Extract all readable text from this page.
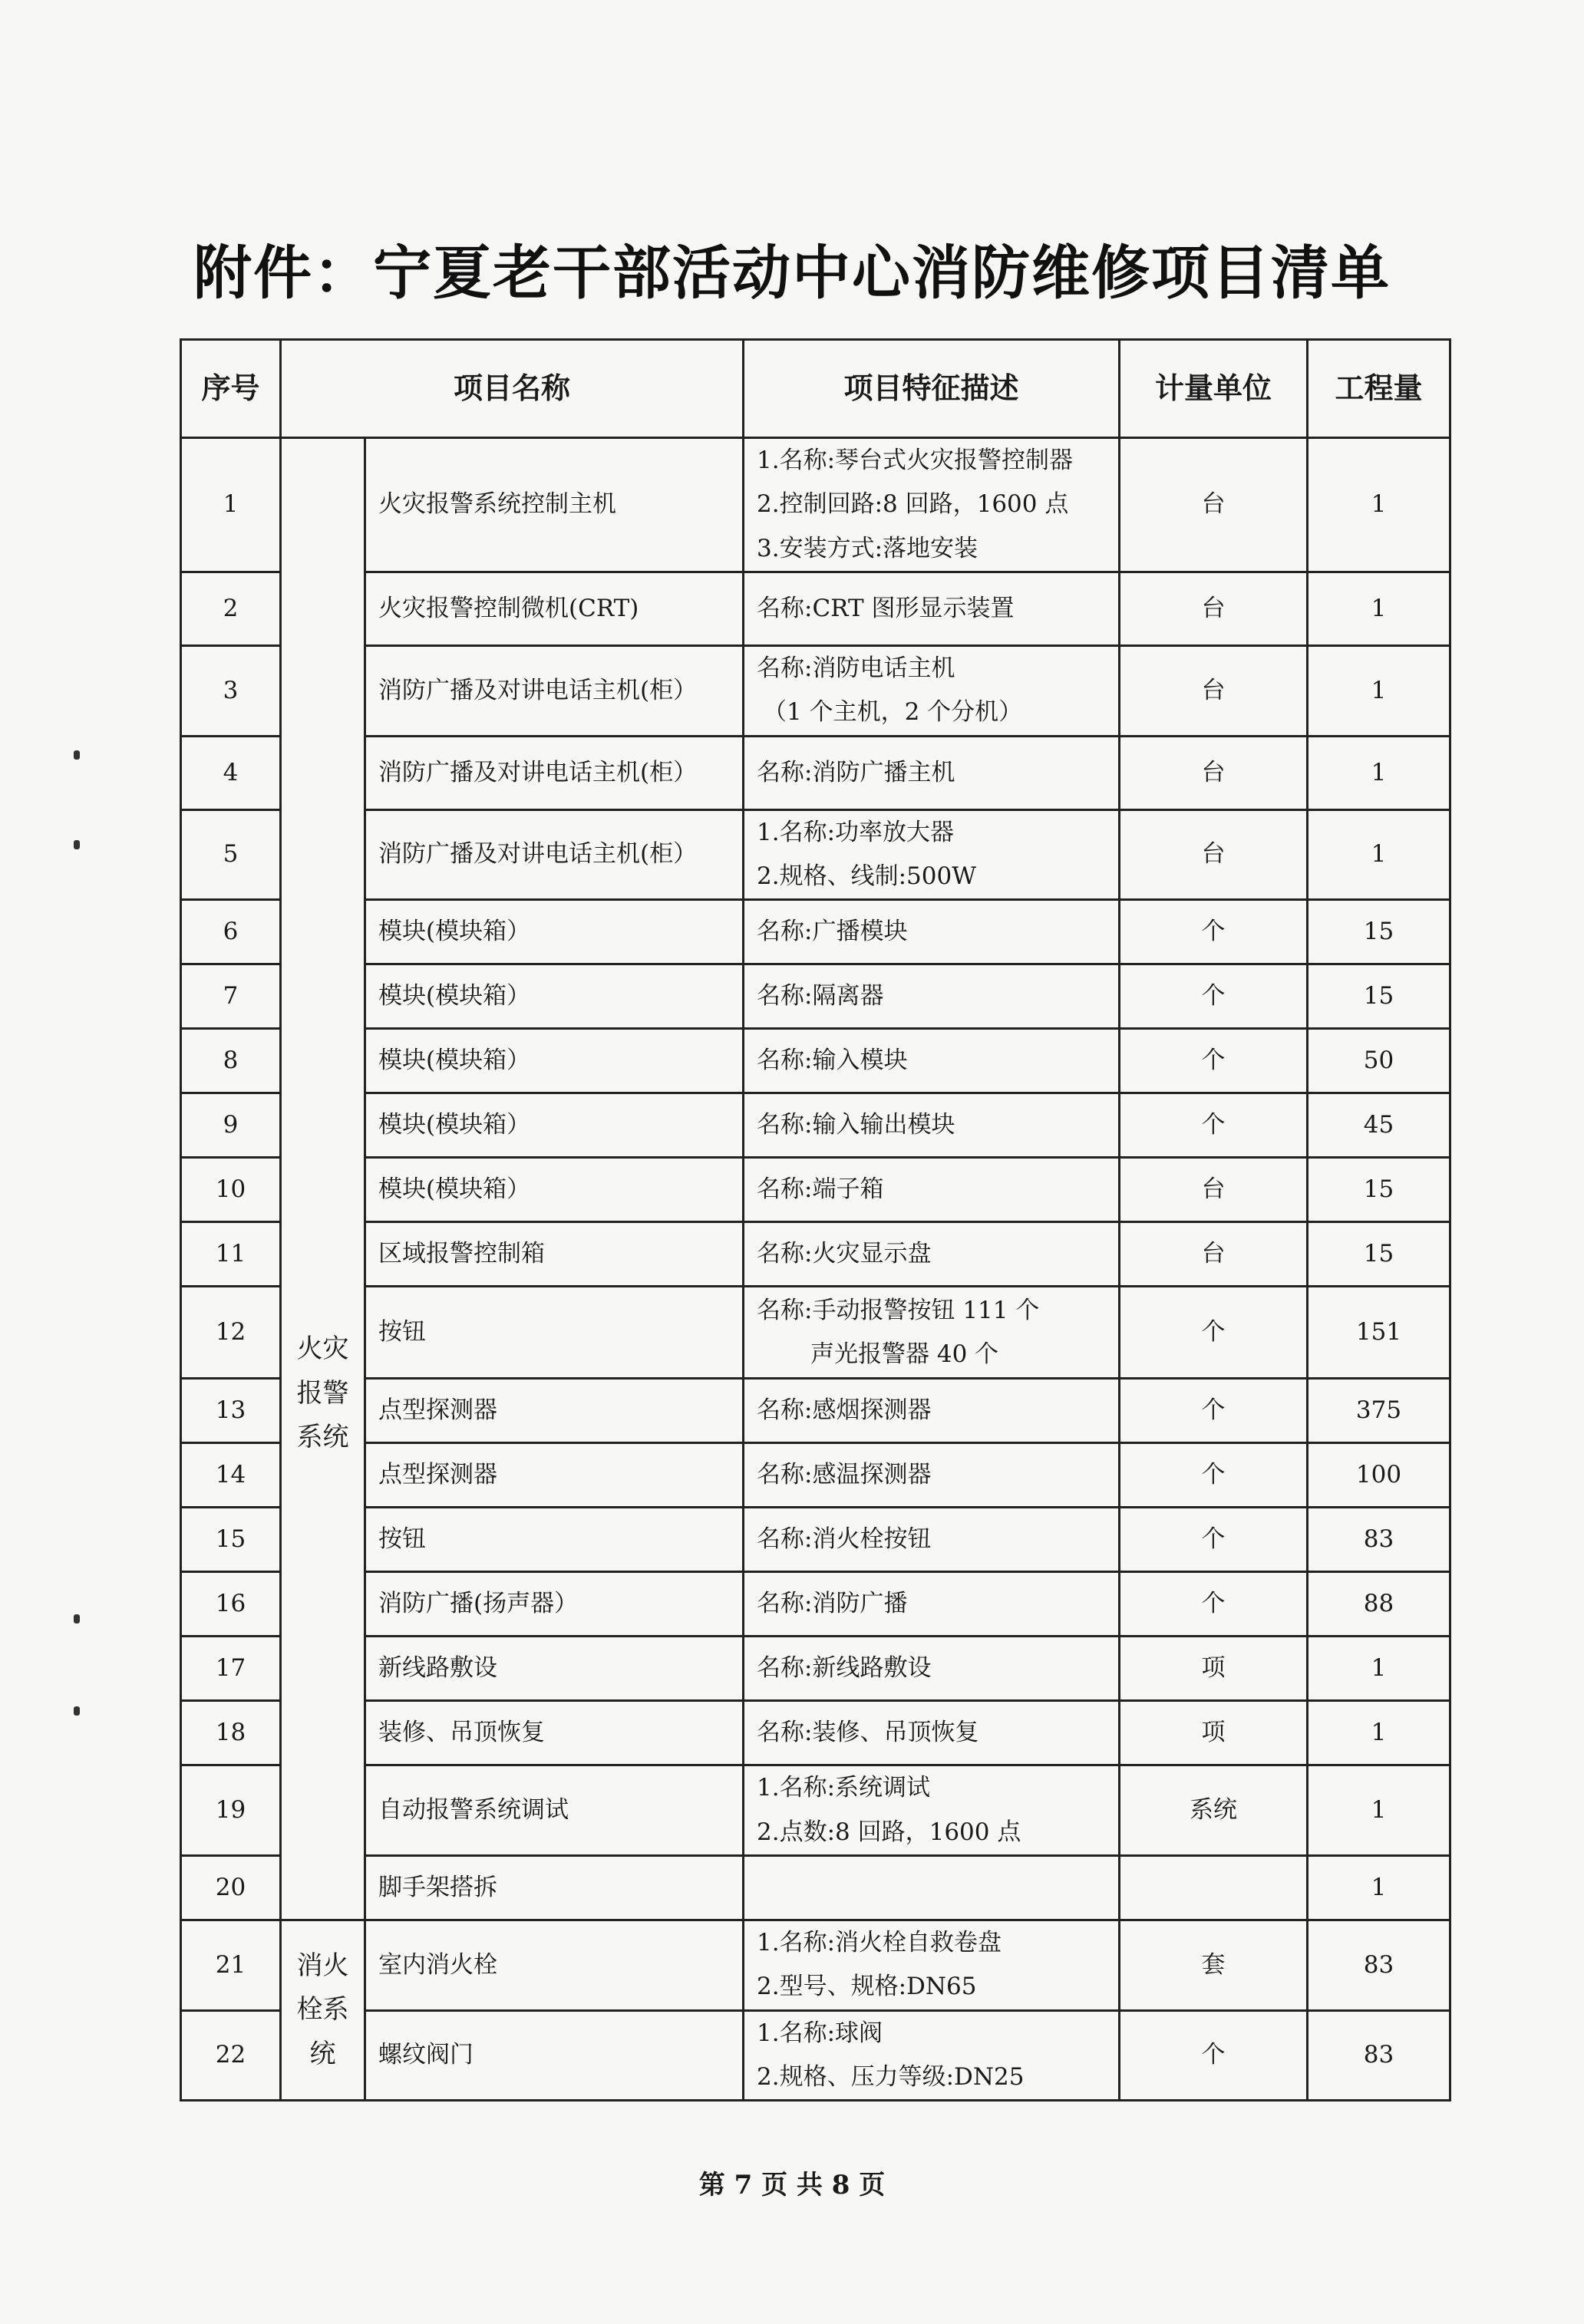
附件：宁夏老干部活动中心消防维修项目清单
序号	项目名称		项目特征描述	计量单位	工程量
1	火灾报警系统	火灾报警系统控制主机	1.名称:琴台式火灾报警控制器
2.控制回路:8 回路，1600 点
3.安装方式:落地安装	台	1
2		火灾报警控制微机(CRT)	名称:CRT 图形显示装置	台	1
3		消防广播及对讲电话主机(柜）	名称:消防电话主机
（1 个主机，2 个分机）	台	1
4		消防广播及对讲电话主机(柜）	名称:消防广播主机	台	1
5		消防广播及对讲电话主机(柜）	1.名称:功率放大器
2.规格、线制:500W	台	1
6		模块(模块箱）	名称:广播模块	个	15
7		模块(模块箱）	名称:隔离器	个	15
8		模块(模块箱）	名称:输入模块	个	50
9		模块(模块箱）	名称:输入输出模块	个	45
10		模块(模块箱）	名称:端子箱	台	15
11		区域报警控制箱	名称:火灾显示盘	台	15
12		按钮	名称:手动报警按钮 111 个
声光报警器 40 个	个	151
13		点型探测器	名称:感烟探测器	个	375
14		点型探测器	名称:感温探测器	个	100
15		按钮	名称:消火栓按钮	个	83
16		消防广播(扬声器）	名称:消防广播	个	88
17		新线路敷设	名称:新线路敷设	项	1
18		装修、吊顶恢复	名称:装修、吊顶恢复	项	1
19		自动报警系统调试	1.名称:系统调试
2.点数:8 回路，1600 点	系统	1
20		脚手架搭拆			1
21	消火栓系统	室内消火栓	1.名称:消火栓自救卷盘
2.型号、规格:DN65	套	83
22		螺纹阀门	1.名称:球阀
2.规格、压力等级:DN25	个	83
第 7 页 共 8 页
